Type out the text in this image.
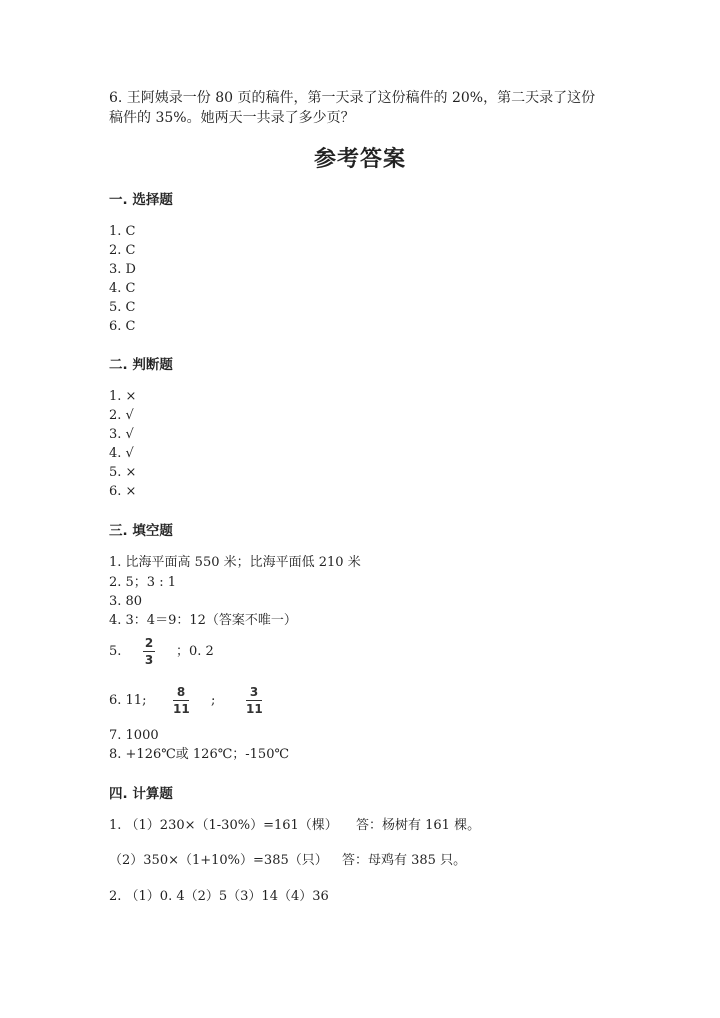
6. 王阿姨录一份 80 页的稿件，第一天录了这份稿件的 20%，第二天录了这份稿件的 35%。她两天一共录了多少页？
参考答案
一. 选择题
1. C
2. C
3. D
4. C
5. C
6. C
二. 判断题
1. ×
2. √
3. √
4. √
5. ×
6. ×
三. 填空题
1. 比海平面高 550 米；比海平面低 210 米
2. 5；3 : 1
3. 80
4. 3：4＝9：12（答案不唯一）
5.
2
3
；0. 2
6. 11;
8
11
;
3
11
7. 1000
8. +126℃或 126℃；-150℃
四. 计算题
1. （1）230×（1-30%）=161（棵） 答：杨树有 161 棵。
（2）350×（1+10%）=385（只） 答：母鸡有 385 只。
2. （1）0. 4（2）5（3）14（4）36
